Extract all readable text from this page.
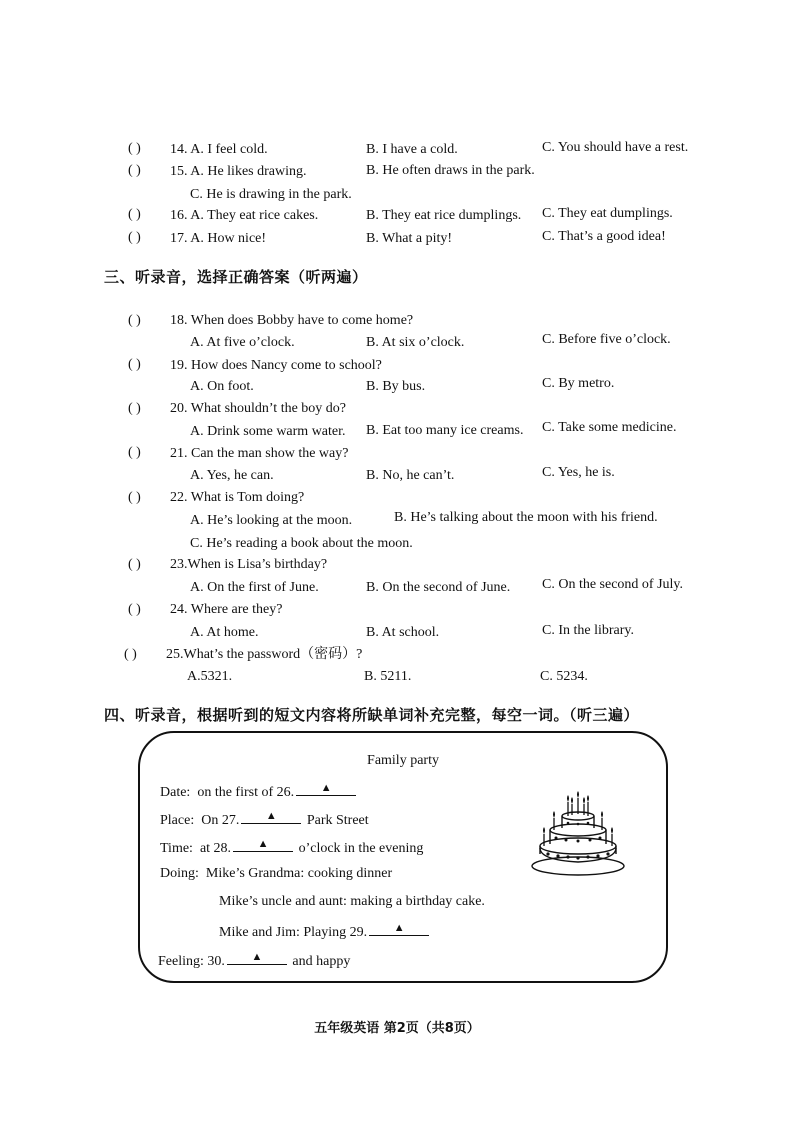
( ) 14. A. I feel cold.	B. I have a cold.	C. You should have a rest.
( ) 15. A. He likes drawing.	B. He often draws in the park.
C. He is drawing in the park.
( ) 16. A. They eat rice cakes.	B. They eat rice dumplings. C. They eat dumplings.
( ) 17. A. How nice!	B. What a pity!	C. That’s a good idea!
三、听录音，选择正确答案（听两遍）
( ) 18. When does Bobby have to come home?
A. At five o’clock.	B. At six o’clock.	C. Before five o’clock.
( ) 19. How does Nancy come to school?
A. On foot.	B. By bus.	C. By metro.
( ) 20. What shouldn’t the boy do?
A. Drink some warm water. B. Eat too many ice creams. C. Take some medicine.
( ) 21. Can the man show the way?
A. Yes, he can.	B. No, he can’t.	C. Yes, he is.
( ) 22. What is Tom doing?
A. He’s looking at the moon.	B. He’s talking about the moon with his friend.
C. He’s reading a book about the moon.
( ) 23.When is Lisa’s birthday?
A. On the first of June.	B. On the second of June. C. On the second of July.
( ) 24. Where are they?
A. At home.	B. At school.	C. In the library.
( ) 25.What’s the password（密码）?
A.5321.	B. 5211.	C. 5234.
四、听录音，根据听到的短文内容将所缺单词补充完整，每空一词。（听三遍）
Family party
Date: on the first of 26. ▲
Place: On 27. ▲ Park Street
Time: at 28. ▲ o’clock in the evening
Doing: Mike’s Grandma: cooking dinner
Mike’s uncle and aunt: making a birthday cake.
Mike and Jim: Playing 29. ▲
Feeling: 30. ▲ and happy
五年级英语 第2页（共8页）
